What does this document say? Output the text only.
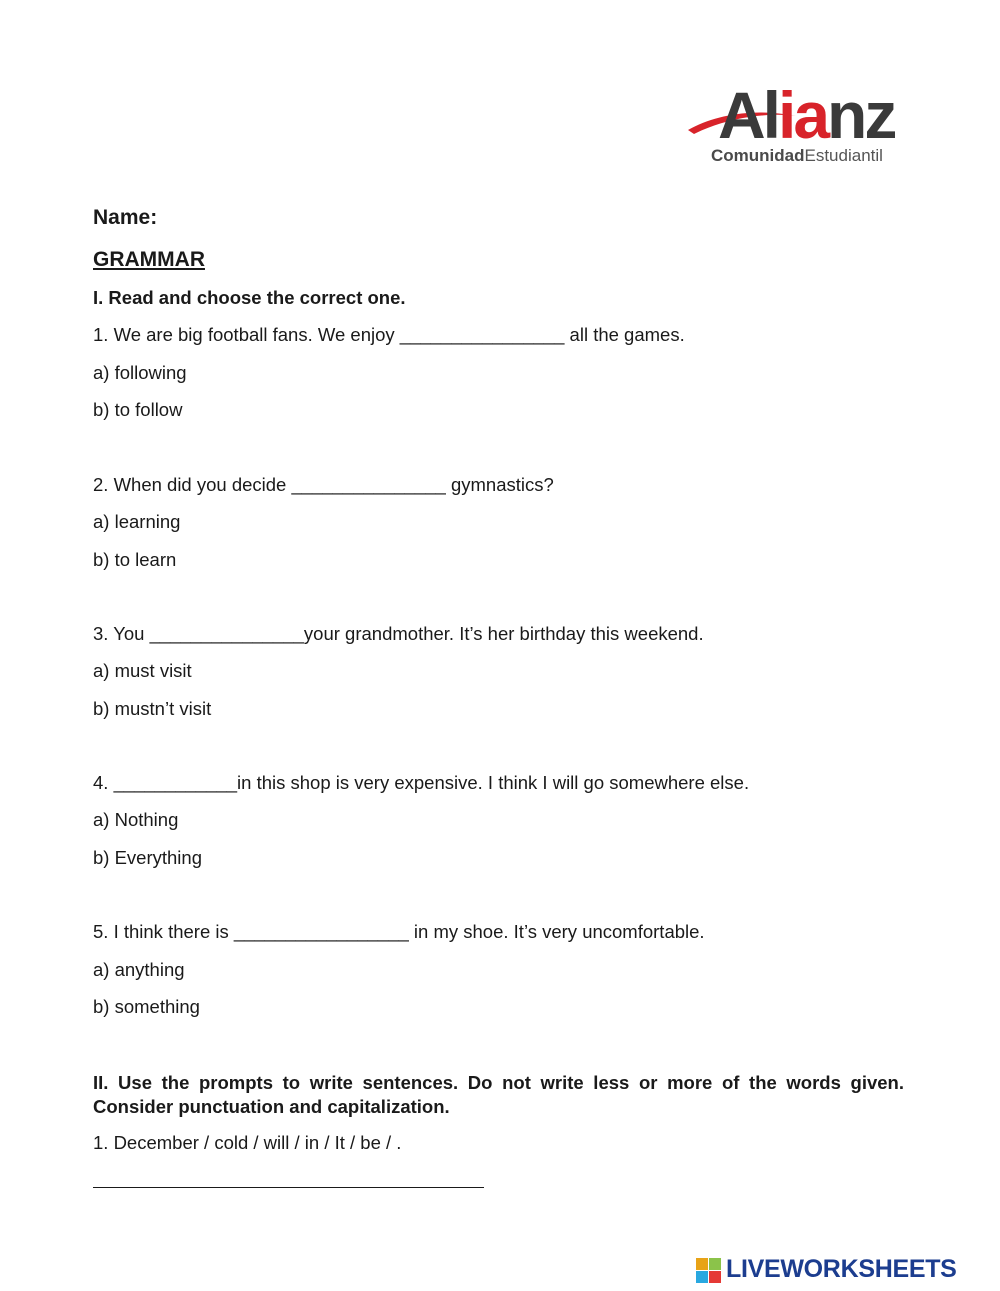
Alianz
ComunidadEstudiantil
Name:
GRAMMAR
I. Read and choose the correct one.
1. We are big football fans. We enjoy ________________ all the games.
a) following
b) to follow
2. When did you decide _______________ gymnastics?
a) learning
b) to learn
3. You _______________your grandmother. It’s her birthday this weekend.
a) must visit
b) mustn’t visit
4. ____________in this shop is very expensive. I think I will go somewhere else.
a) Nothing
b) Everything
5. I think there is _________________ in my shoe. It’s very uncomfortable.
a) anything
b) something
II. Use the prompts to write sentences. Do not write less or more of the words given. Consider punctuation and capitalization.
1. December / cold / will / in / It / be / .
LIVEWORKSHEETS
